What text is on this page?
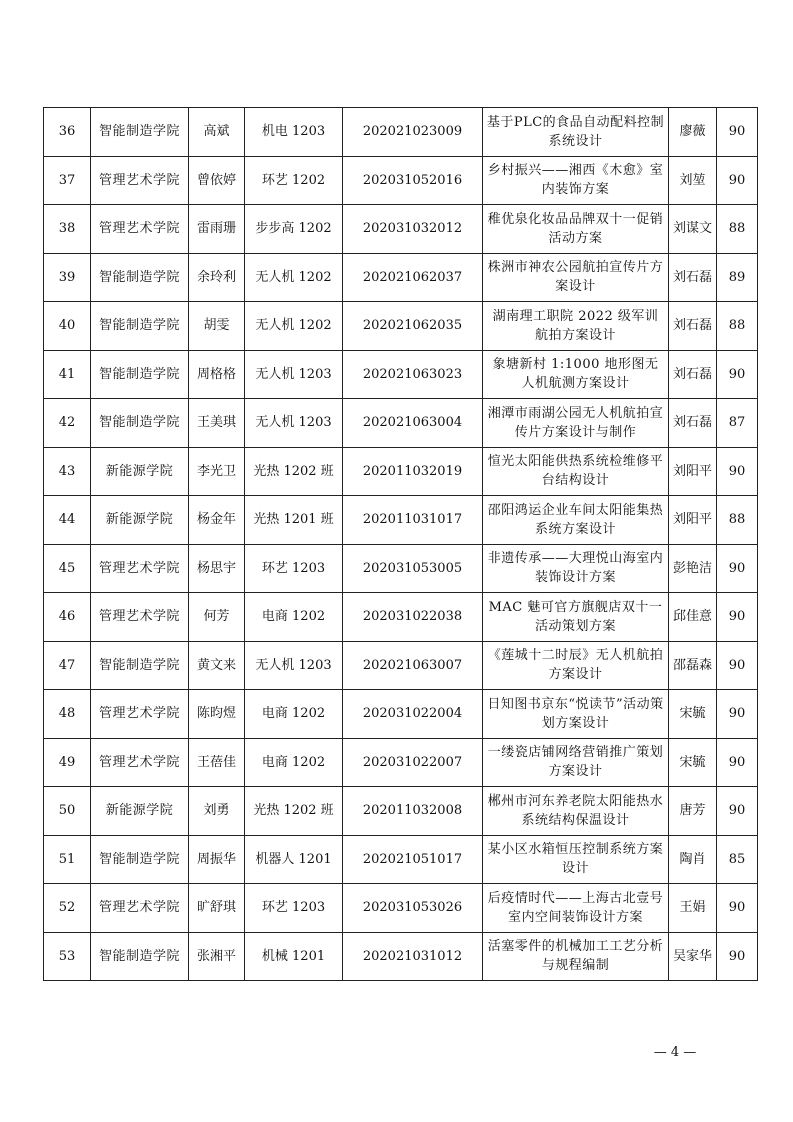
36	智能制造学院	高斌	机电 1203	202021023009	基于PLC的食品自动配料控制系统设计	廖薇	90
37	管理艺术学院	曾依婷	环艺 1202	202031052016	乡村振兴——湘西《木愈》室内装饰方案	刘堃	90
38	管理艺术学院	雷雨珊	步步高 1202	202031032012	稚优泉化妆品品牌双十一促销活动方案	刘谋文	88
39	智能制造学院	余玲利	无人机 1202	202021062037	株洲市神农公园航拍宣传片方案设计	刘石磊	89
40	智能制造学院	胡雯	无人机 1202	202021062035	湖南理工职院 2022 级军训航拍方案设计	刘石磊	88
41	智能制造学院	周格格	无人机 1203	202021063023	象塘新村 1:1000 地形图无人机航测方案设计	刘石磊	90
42	智能制造学院	王美琪	无人机 1203	202021063004	湘潭市雨湖公园无人机航拍宣传片方案设计与制作	刘石磊	87
43	新能源学院	李光卫	光热 1202 班	202011032019	愃光太阳能供热系统检维修平台结构设计	刘阳平	90
44	新能源学院	杨金年	光热 1201 班	202011031017	邵阳鸿运企业车间太阳能集热系统方案设计	刘阳平	88
45	管理艺术学院	杨思宇	环艺 1203	202031053005	非遗传承——大理悦山海室内装饰设计方案	彭艳洁	90
46	管理艺术学院	何芳	电商 1202	202031022038	MAC 魅可官方旗舰店双十一活动策划方案	邱佳意	90
47	智能制造学院	黄文来	无人机 1203	202021063007	《莲城十二时辰》无人机航拍方案设计	邵磊森	90
48	管理艺术学院	陈昀煜	电商 1202	202031022004	日知图书京东“悦读节”活动策划方案设计	宋毓	90
49	管理艺术学院	王蓓佳	电商 1202	202031022007	一缕瓷店铺网络营销推广策划方案设计	宋毓	90
50	新能源学院	刘勇	光热 1202 班	202011032008	郴州市河东养老院太阳能热水系统结构保温设计	唐芳	90
51	智能制造学院	周振华	机器人 1201	202021051017	某小区水箱恒压控制系统方案设计	陶肖	85
52	管理艺术学院	旷舒琪	环艺 1203	202031053026	后疫情时代——上海古北壹号室内空间装饰设计方案	王娟	90
53	智能制造学院	张湘平	机械 1201	202021031012	活塞零件的机械加工工艺分析与规程编制	吴家华	90
— 4 —
